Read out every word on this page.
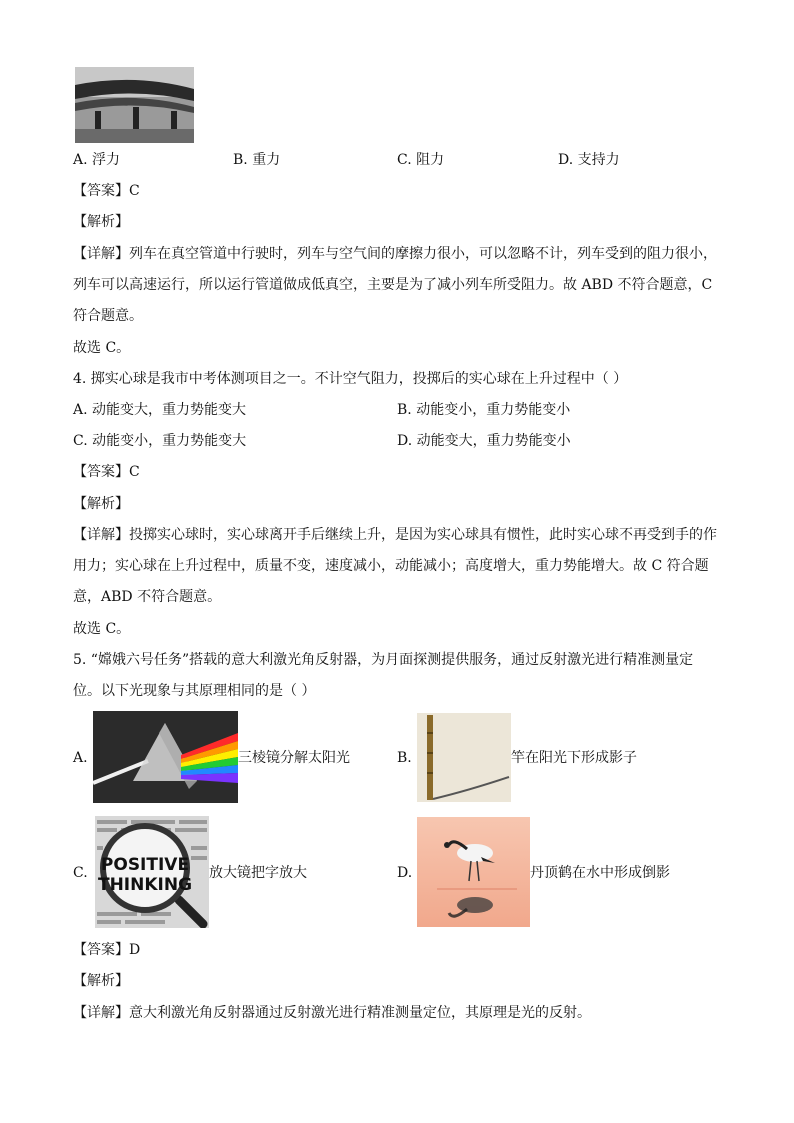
A. 浮力	B. 重力	C. 阻力	D. 支持力
【答案】C
【解析】
【详解】列车在真空管道中行驶时，列车与空气间的摩擦力很小，可以忽略不计，列车受到的阻力很小，
列车可以高速运行，所以运行管道做成低真空，主要是为了减小列车所受阻力。故 ABD 不符合题意，C
符合题意。
故选 C。
4. 掷实心球是我市中考体测项目之一。不计空气阻力，投掷后的实心球在上升过程中（ ）
A. 动能变大，重力势能变大	B. 动能变小，重力势能变小
C. 动能变小，重力势能变大	D. 动能变大，重力势能变小
【答案】C
【解析】
【详解】投掷实心球时，实心球离开手后继续上升，是因为实心球具有惯性，此时实心球不再受到手的作
用力；实心球在上升过程中，质量不变，速度减小，动能减小；高度增大，重力势能增大。故 C 符合题
意，ABD 不符合题意。
故选 C。
5. “嫦娥六号任务”搭载的意大利激光角反射器，为月面探测提供服务，通过反射激光进行精准测量定
位。以下光现象与其原理相同的是（ ）
A.	三棱镜分解太阳光	B.	竿在阳光下形成影子
C. POSITIVE
THINKING
放大镜把字放大	D.	丹顶鹤在水中形成倒影
【答案】D
【解析】
【详解】意大利激光角反射器通过反射激光进行精准测量定位，其原理是光的反射。
